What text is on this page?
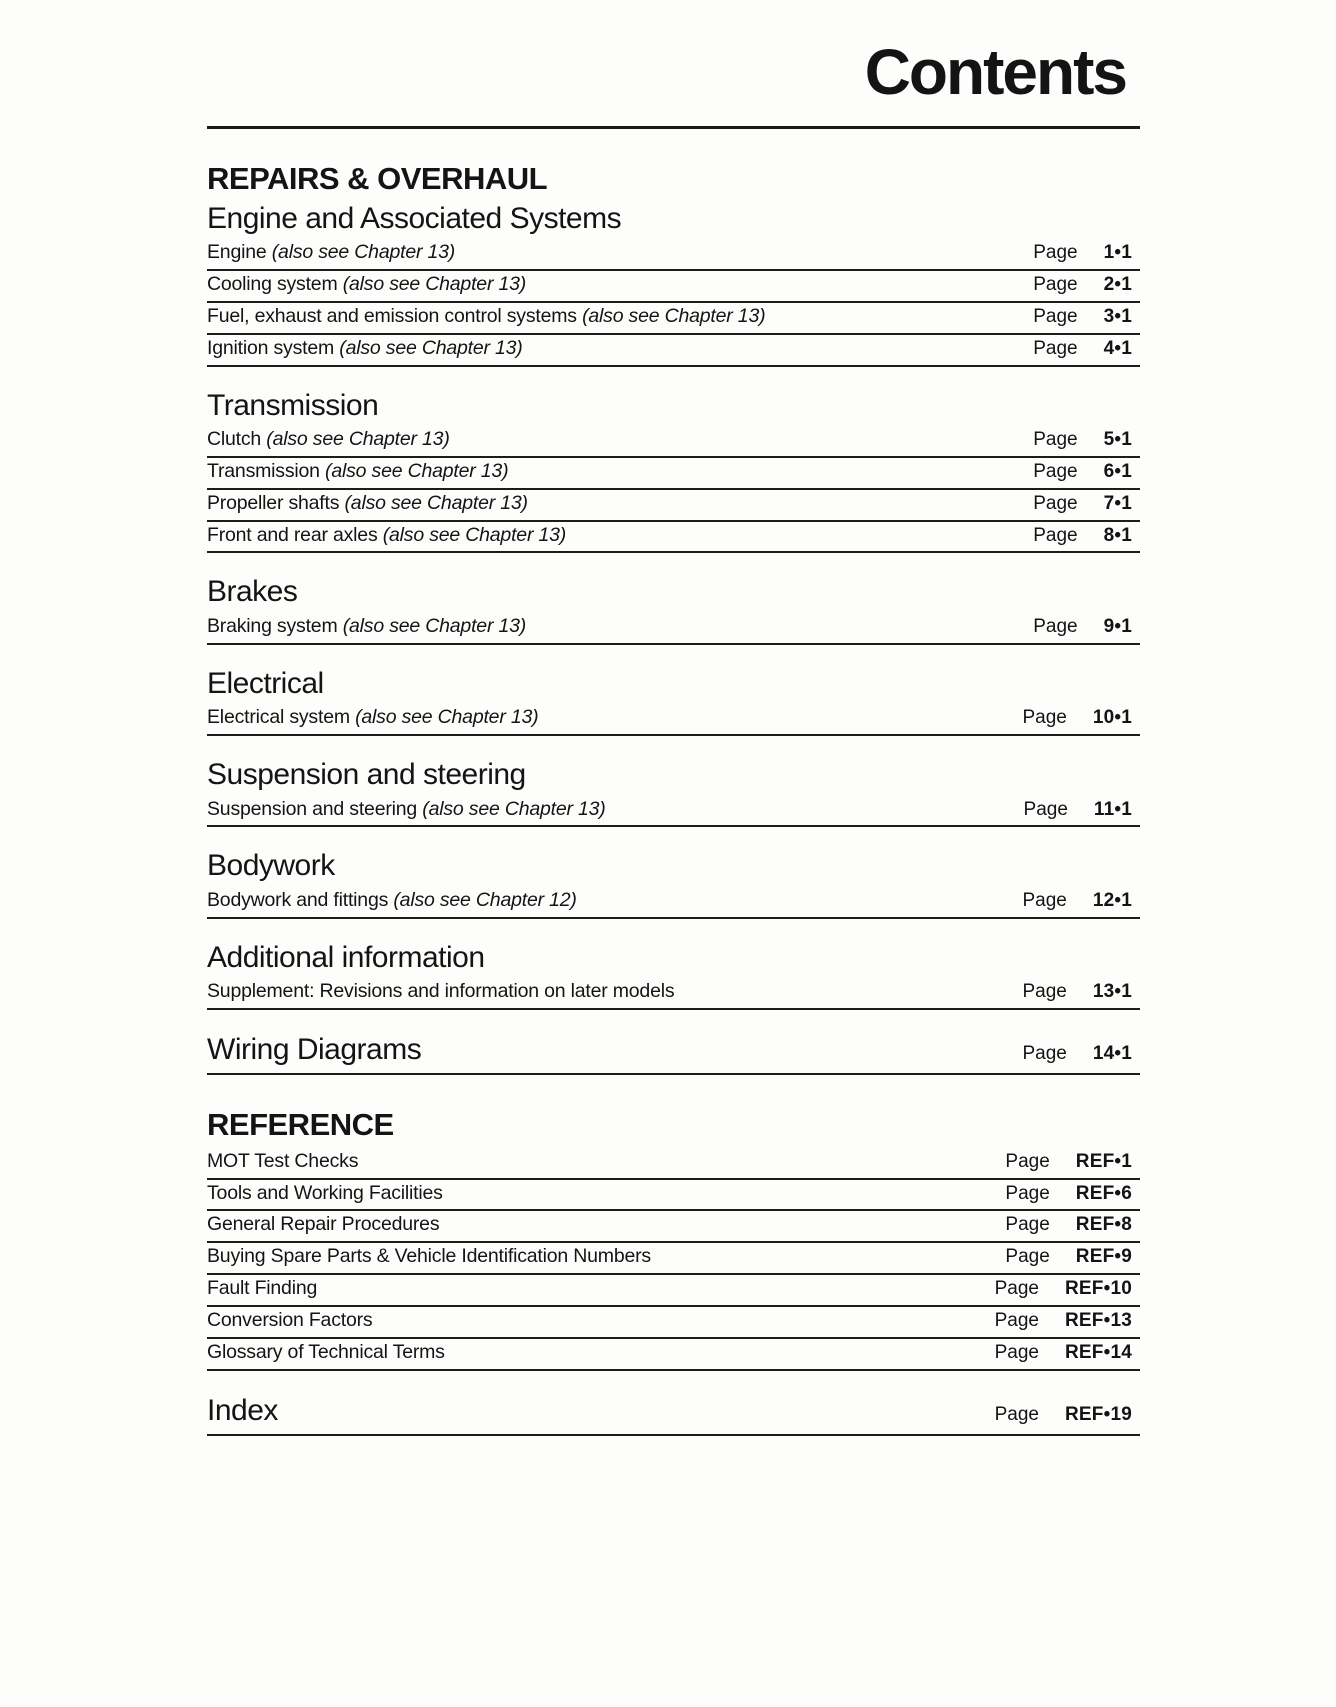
Contents
REPAIRS & OVERHAUL
Engine and Associated Systems
Engine (also see Chapter 13)	Page 1•1
Cooling system (also see Chapter 13)	Page 2•1
Fuel, exhaust and emission control systems (also see Chapter 13)	Page 3•1
Ignition system (also see Chapter 13)	Page 4•1
Transmission
Clutch (also see Chapter 13)	Page 5•1
Transmission (also see Chapter 13)	Page 6•1
Propeller shafts (also see Chapter 13)	Page 7•1
Front and rear axles (also see Chapter 13)	Page 8•1
Brakes
Braking system (also see Chapter 13)	Page 9•1
Electrical
Electrical system (also see Chapter 13)	Page 10•1
Suspension and steering
Suspension and steering (also see Chapter 13)	Page 11•1
Bodywork
Bodywork and fittings (also see Chapter 12)	Page 12•1
Additional information
Supplement: Revisions and information on later models	Page 13•1
Wiring Diagrams	Page 14•1
REFERENCE
MOT Test Checks	Page REF•1
Tools and Working Facilities	Page REF•6
General Repair Procedures	Page REF•8
Buying Spare Parts & Vehicle Identification Numbers	Page REF•9
Fault Finding	Page REF•10
Conversion Factors	Page REF•13
Glossary of Technical Terms	Page REF•14
Index	Page REF•19
